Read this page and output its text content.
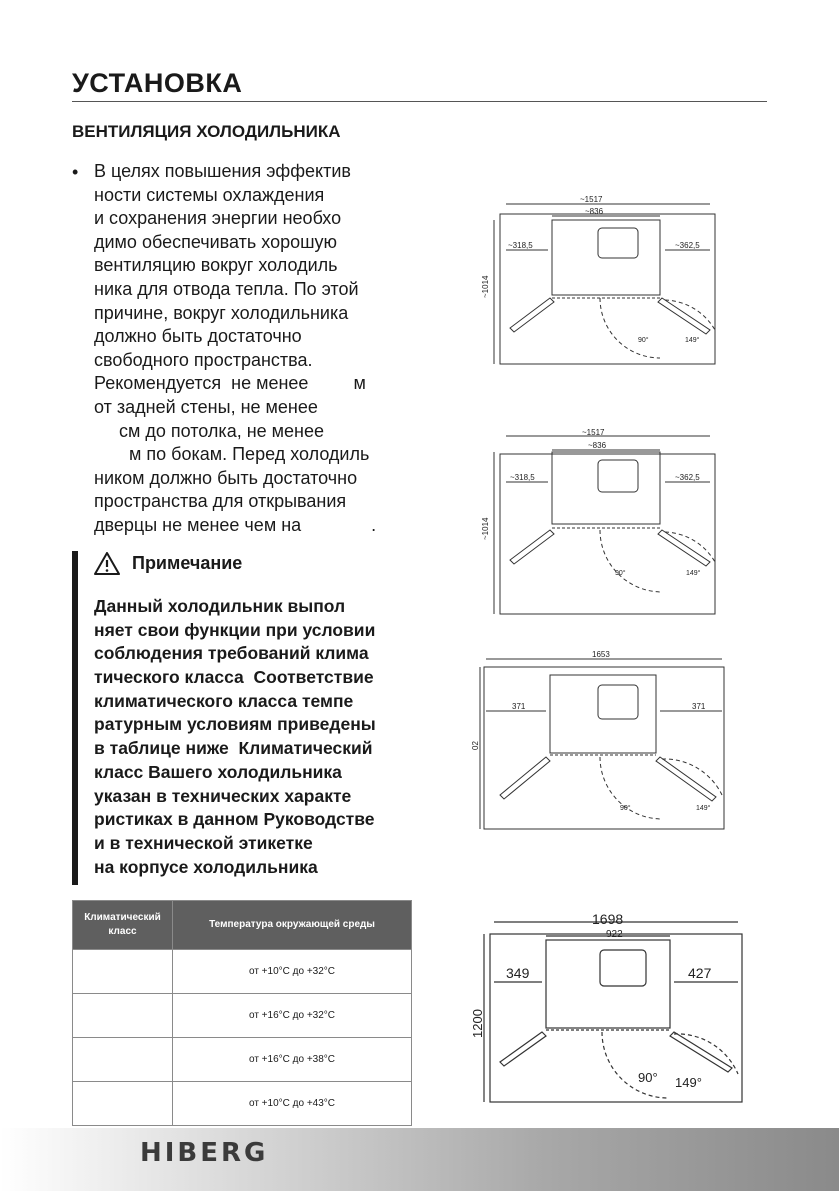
УСТАНОВКА
ВЕНТИЛЯЦИЯ ХОЛОДИЛЬНИКА
• В целях повышения эффектив
ности системы охлаждения
и сохранения энергии необхо
димо обеспечивать хорошую
вентиляцию вокруг холодиль
ника для отвода тепла. По этой
причине, вокруг холодильника
должно быть достаточно
свободного пространства.
Рекомендуется  не менее         м
от задней стены, не менее
см до потолка, не менее
м по бокам. Перед холодиль
ником должно быть достаточно
пространства для открывания
дверцы не менее чем на              .
Примечание
Данный холодильник выпол
няет свои функции при условии
соблюдения требований клима
тического класса  Соответствие
климатического класса темпе
ратурным условиям приведены
в таблице ниже  Климатический
класс Вашего холодильника
указан в технических характе
ристиках в данном Руководстве
и в технической этикетке
на корпусе холодильника
Климатический класс	Температура окружающей среды
	от +10°С до +32°С
	от +16°С до +32°С
	от +16°С до +38°С
	от +10°С до +43°С
~1517
~836
~318,5	~362,5
~1014
90°	149°
~1517
~836
~318,5	~362,5
~1014
90°	149°
1653
371	371
02
90°	149°
1698
922
349	427
1200
90° 149°
HIBERG
